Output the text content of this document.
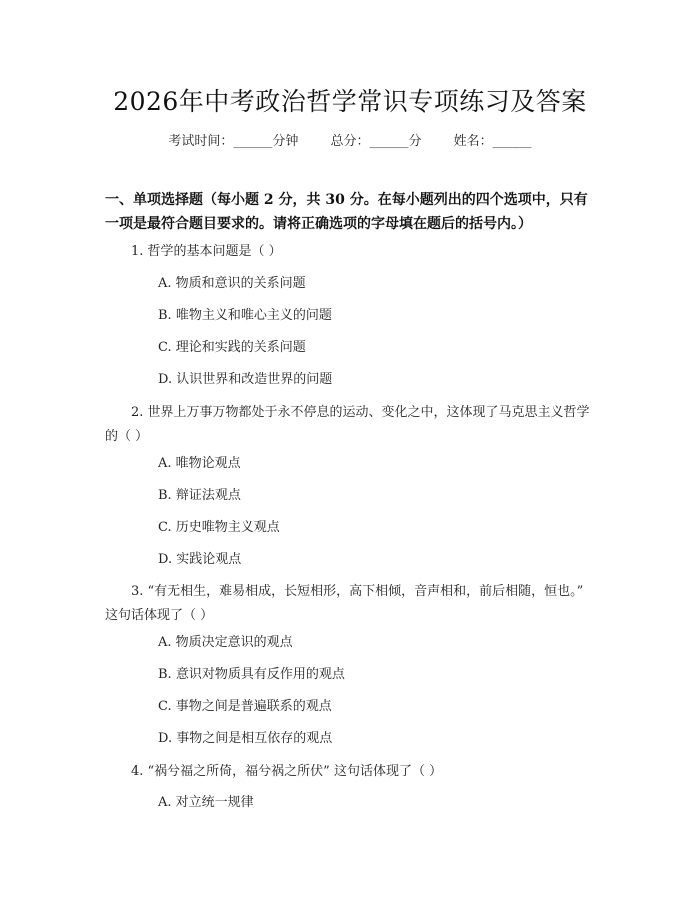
2026年中考政治哲学常识专项练习及答案
考试时间：______分钟 总分：______分 姓名：______
一、单项选择题（每小题 2 分，共 30 分。在每小题列出的四个选项中，只有一项是最符合题目要求的。请将正确选项的字母填在题后的括号内。）
1. 哲学的基本问题是（ ）
A. 物质和意识的关系问题
B. 唯物主义和唯心主义的问题
C. 理论和实践的关系问题
D. 认识世界和改造世界的问题
2. 世界上万事万物都处于永不停息的运动、变化之中，这体现了马克思主义哲学的（ ）
A. 唯物论观点
B. 辩证法观点
C. 历史唯物主义观点
D. 实践论观点
3. “有无相生，难易相成，长短相形，高下相倾，音声相和，前后相随，恒也。” 这句话体现了（ ）
A. 物质决定意识的观点
B. 意识对物质具有反作用的观点
C. 事物之间是普遍联系的观点
D. 事物之间是相互依存的观点
4. “祸兮福之所倚，福兮祸之所伏” 这句话体现了（ ）
A. 对立统一规律
